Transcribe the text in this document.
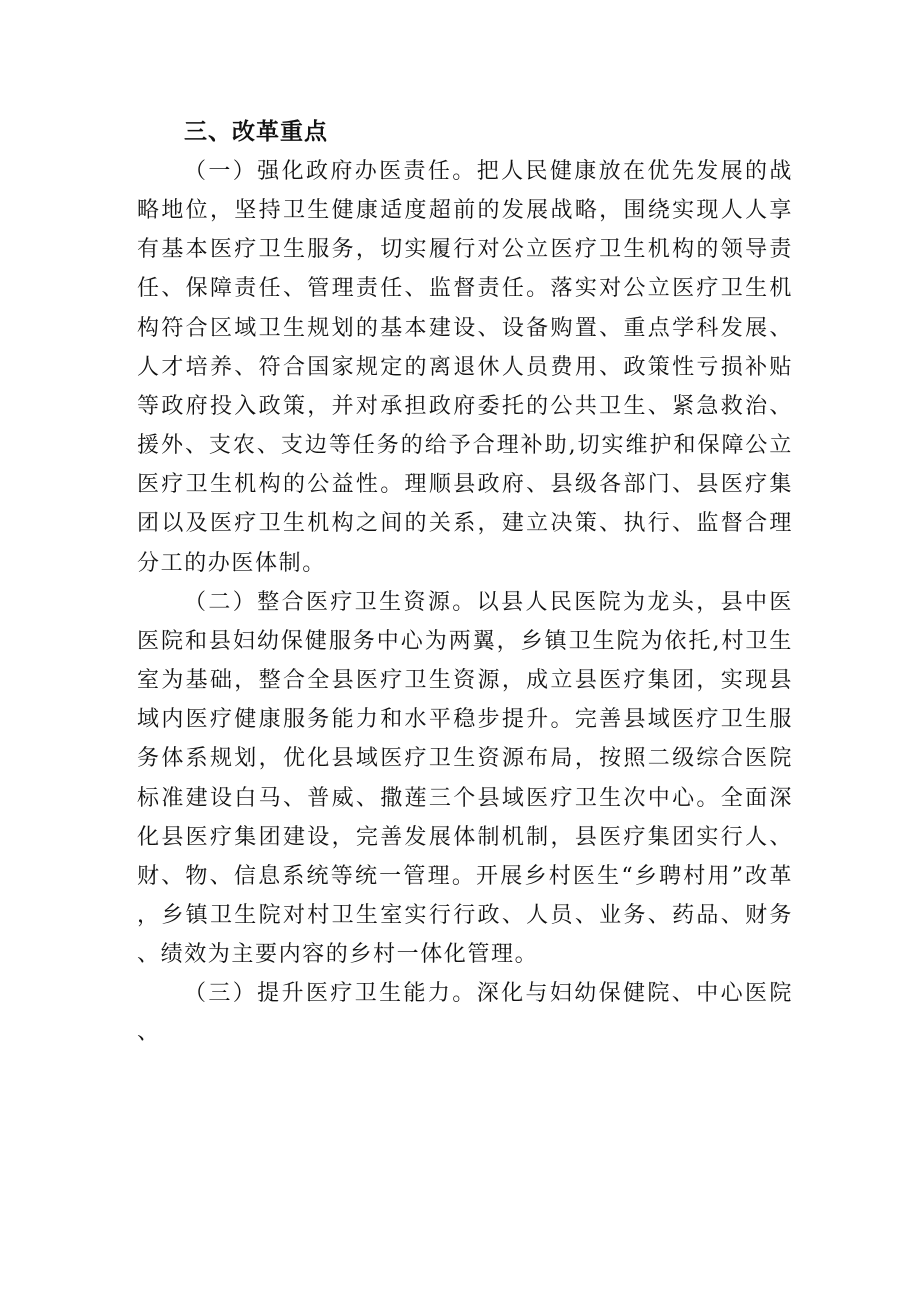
三、改革重点

（一）强化政府办医责任。把人民健康放在优先发展的战略地位，坚持卫生健康适度超前的发展战略，围绕实现人人享有基本医疗卫生服务，切实履行对公立医疗卫生机构的领导责任、保障责任、管理责任、监督责任。落实对公立医疗卫生机构符合区域卫生规划的基本建设、设备购置、重点学科发展、人才培养、符合国家规定的离退休人员费用、政策性亏损补贴等政府投入政策，并对承担政府委托的公共卫生、紧急救治、援外、支农、支边等任务的给予合理补助,切实维护和保障公立医疗卫生机构的公益性。理顺县政府、县级各部门、县医疗集团以及医疗卫生机构之间的关系，建立决策、执行、监督合理分工的办医体制。

（二）整合医疗卫生资源。以县人民医院为龙头，县中医医院和县妇幼保健服务中心为两翼，乡镇卫生院为依托,村卫生室为基础，整合全县医疗卫生资源，成立县医疗集团，实现县域内医疗健康服务能力和水平稳步提升。完善县域医疗卫生服务体系规划，优化县域医疗卫生资源布局，按照二级综合医院标准建设白马、普威、撒莲三个县域医疗卫生次中心。全面深化县医疗集团建设，完善发展体制机制，县医疗集团实行人、财、物、信息系统等统一管理。开展乡村医生“乡聘村用”改革，乡镇卫生院对村卫生室实行行政、人员、业务、药品、财务、绩效为主要内容的乡村一体化管理。

（三）提升医疗卫生能力。深化与妇幼保健院、中心医院、
